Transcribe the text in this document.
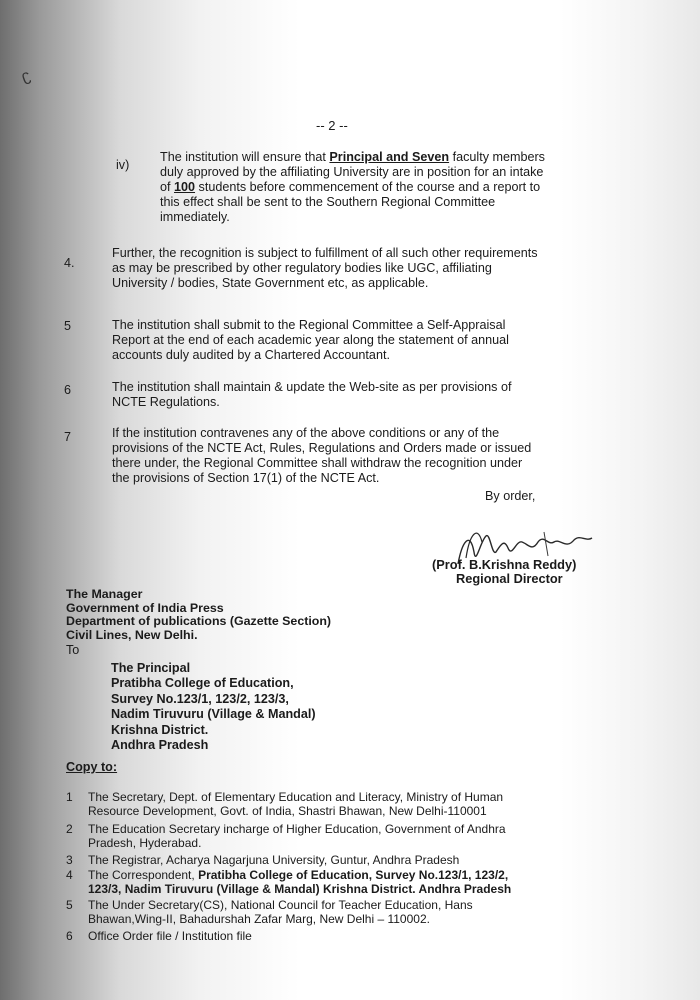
ʗ
-- 2 --
iv)
The institution will ensure that Principal and Seven faculty members
duly approved by the affiliating University are in position for an intake
of 100 students before commencement of the course and a report to
this effect shall be sent to the Southern Regional Committee
immediately.
4.
Further, the recognition is subject to fulfillment of all such other requirements
as may be prescribed by other regulatory bodies like UGC, affiliating
University / bodies, State Government etc, as applicable.
5	The institution shall submit to the Regional Committee a Self-Appraisal
Report at the end of each academic year along the statement of annual
accounts duly audited by a Chartered Accountant.
6	The institution shall maintain & update the Web-site as per provisions of
NCTE Regulations.
7	If the institution contravenes any of the above conditions or any of the
provisions of the NCTE Act, Rules, Regulations and Orders made or issued
there under, the Regional Committee shall withdraw the recognition under
the provisions of Section 17(1) of the NCTE Act.
By order,
(Prof. B.Krishna Reddy)
Regional Director
The Manager
Government of India Press
Department of publications (Gazette Section)
Civil Lines, New Delhi.
To
The Principal
Pratibha College of Education,
Survey No.123/1, 123/2, 123/3,
Nadim Tiruvuru (Village & Mandal)
Krishna District.
Andhra Pradesh
Copy to:
1 The Secretary, Dept. of Elementary Education and Literacy, Ministry of Human
Resource Development, Govt. of India, Shastri Bhawan, New Delhi-110001
2 The Education Secretary incharge of Higher Education, Government of Andhra
Pradesh, Hyderabad.
3 The Registrar, Acharya Nagarjuna University, Guntur, Andhra Pradesh
4 The Correspondent, Pratibha College of Education, Survey No.123/1, 123/2,
123/3, Nadim Tiruvuru (Village & Mandal) Krishna District. Andhra Pradesh
5 The Under Secretary(CS), National Council for Teacher Education, Hans
Bhawan,Wing-II, Bahadurshah Zafar Marg, New Delhi – 110002.
6 Office Order file / Institution file
